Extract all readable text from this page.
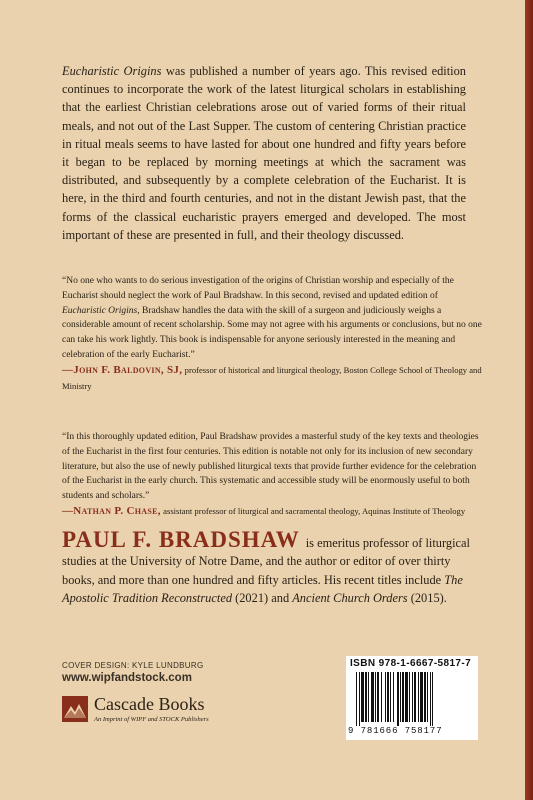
Eucharistic Origins was published a number of years ago. This revised edition continues to incorporate the work of the latest liturgical scholars in establishing that the earliest Christian celebrations arose out of varied forms of their ritual meals, and not out of the Last Supper. The custom of centering Christian practice in ritual meals seems to have lasted for about one hundred and fifty years before it began to be replaced by morning meetings at which the sacrament was distributed, and subsequently by a complete celebration of the Eucharist. It is here, in the third and fourth centuries, and not in the distant Jewish past, that the forms of the classical eucharistic prayers emerged and developed. The most important of these are presented in full, and their theology discussed.

“No one who wants to do serious investigation of the origins of Christian worship and especially of the Eucharist should neglect the work of Paul Bradshaw. In this second, revised and updated edition of Eucharistic Origins, Bradshaw handles the data with the skill of a surgeon and judiciously weighs a considerable amount of recent scholarship. Some may not agree with his arguments or conclusions, but no one can take his work lightly. This book is indispensable for anyone seriously interested in the meaning and celebration of the early Eucharist.”
—John F. Baldovin, SJ, professor of historical and liturgical theology, Boston College School of Theology and Ministry

“In this thoroughly updated edition, Paul Bradshaw provides a masterful study of the key texts and theologies of the Eucharist in the first four centuries. This edition is notable not only for its inclusion of new secondary literature, but also the use of newly published liturgical texts that provide further evidence for the celebration of the Eucharist in the early church. This systematic and accessible study will be enormously useful to both students and scholars.”
—Nathan P. Chase, assistant professor of liturgical and sacramental theology, Aquinas Institute of Theology

PAUL F. BRADSHAW is emeritus professor of liturgical studies at the University of Notre Dame, and the author or editor of over thirty books, and more than one hundred and fifty articles. His recent titles include The Apostolic Tradition Reconstructed (2021) and Ancient Church Orders (2015).

COVER DESIGN: KYLE LUNDBURG
www.wipfandstock.com
Cascade Books
An Imprint of WIPF and STOCK Publishers
ISBN 978-1-6667-5817-7
9 781666 758177
